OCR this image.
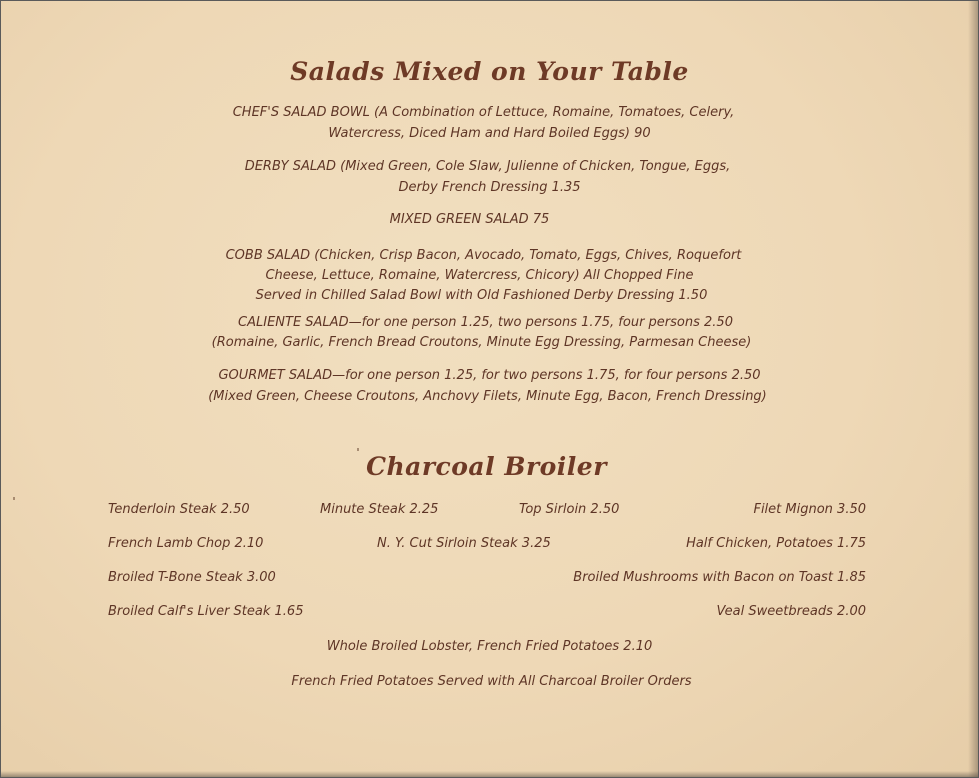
Salads Mixed on Your Table
CHEF'S SALAD BOWL (A Combination of Lettuce, Romaine, Tomatoes, Celery,
Watercress, Diced Ham and Hard Boiled Eggs) 90
DERBY SALAD (Mixed Green, Cole Slaw, Julienne of Chicken, Tongue, Eggs,
Derby French Dressing 1.35
MIXED GREEN SALAD 75
COBB SALAD (Chicken, Crisp Bacon, Avocado, Tomato, Eggs, Chives, Roquefort
Cheese, Lettuce, Romaine, Watercress, Chicory) All Chopped Fine
Served in Chilled Salad Bowl with Old Fashioned Derby Dressing 1.50
CALIENTE SALAD—for one person 1.25, two persons 1.75, four persons 2.50
(Romaine, Garlic, French Bread Croutons, Minute Egg Dressing, Parmesan Cheese)
GOURMET SALAD—for one person 1.25, for two persons 1.75, for four persons 2.50
(Mixed Green, Cheese Croutons, Anchovy Filets, Minute Egg, Bacon, French Dressing)
Charcoal Broiler
Tenderloin Steak 2.50	Minute Steak 2.25	Top Sirloin 2.50	Filet Mignon 3.50
French Lamb Chop 2.10	N. Y. Cut Sirloin Steak 3.25	Half Chicken, Potatoes 1.75
Broiled T-Bone Steak 3.00	Broiled Mushrooms with Bacon on Toast 1.85
Broiled Calf's Liver Steak 1.65	Veal Sweetbreads 2.00
Whole Broiled Lobster, French Fried Potatoes 2.10
French Fried Potatoes Served with All Charcoal Broiler Orders
